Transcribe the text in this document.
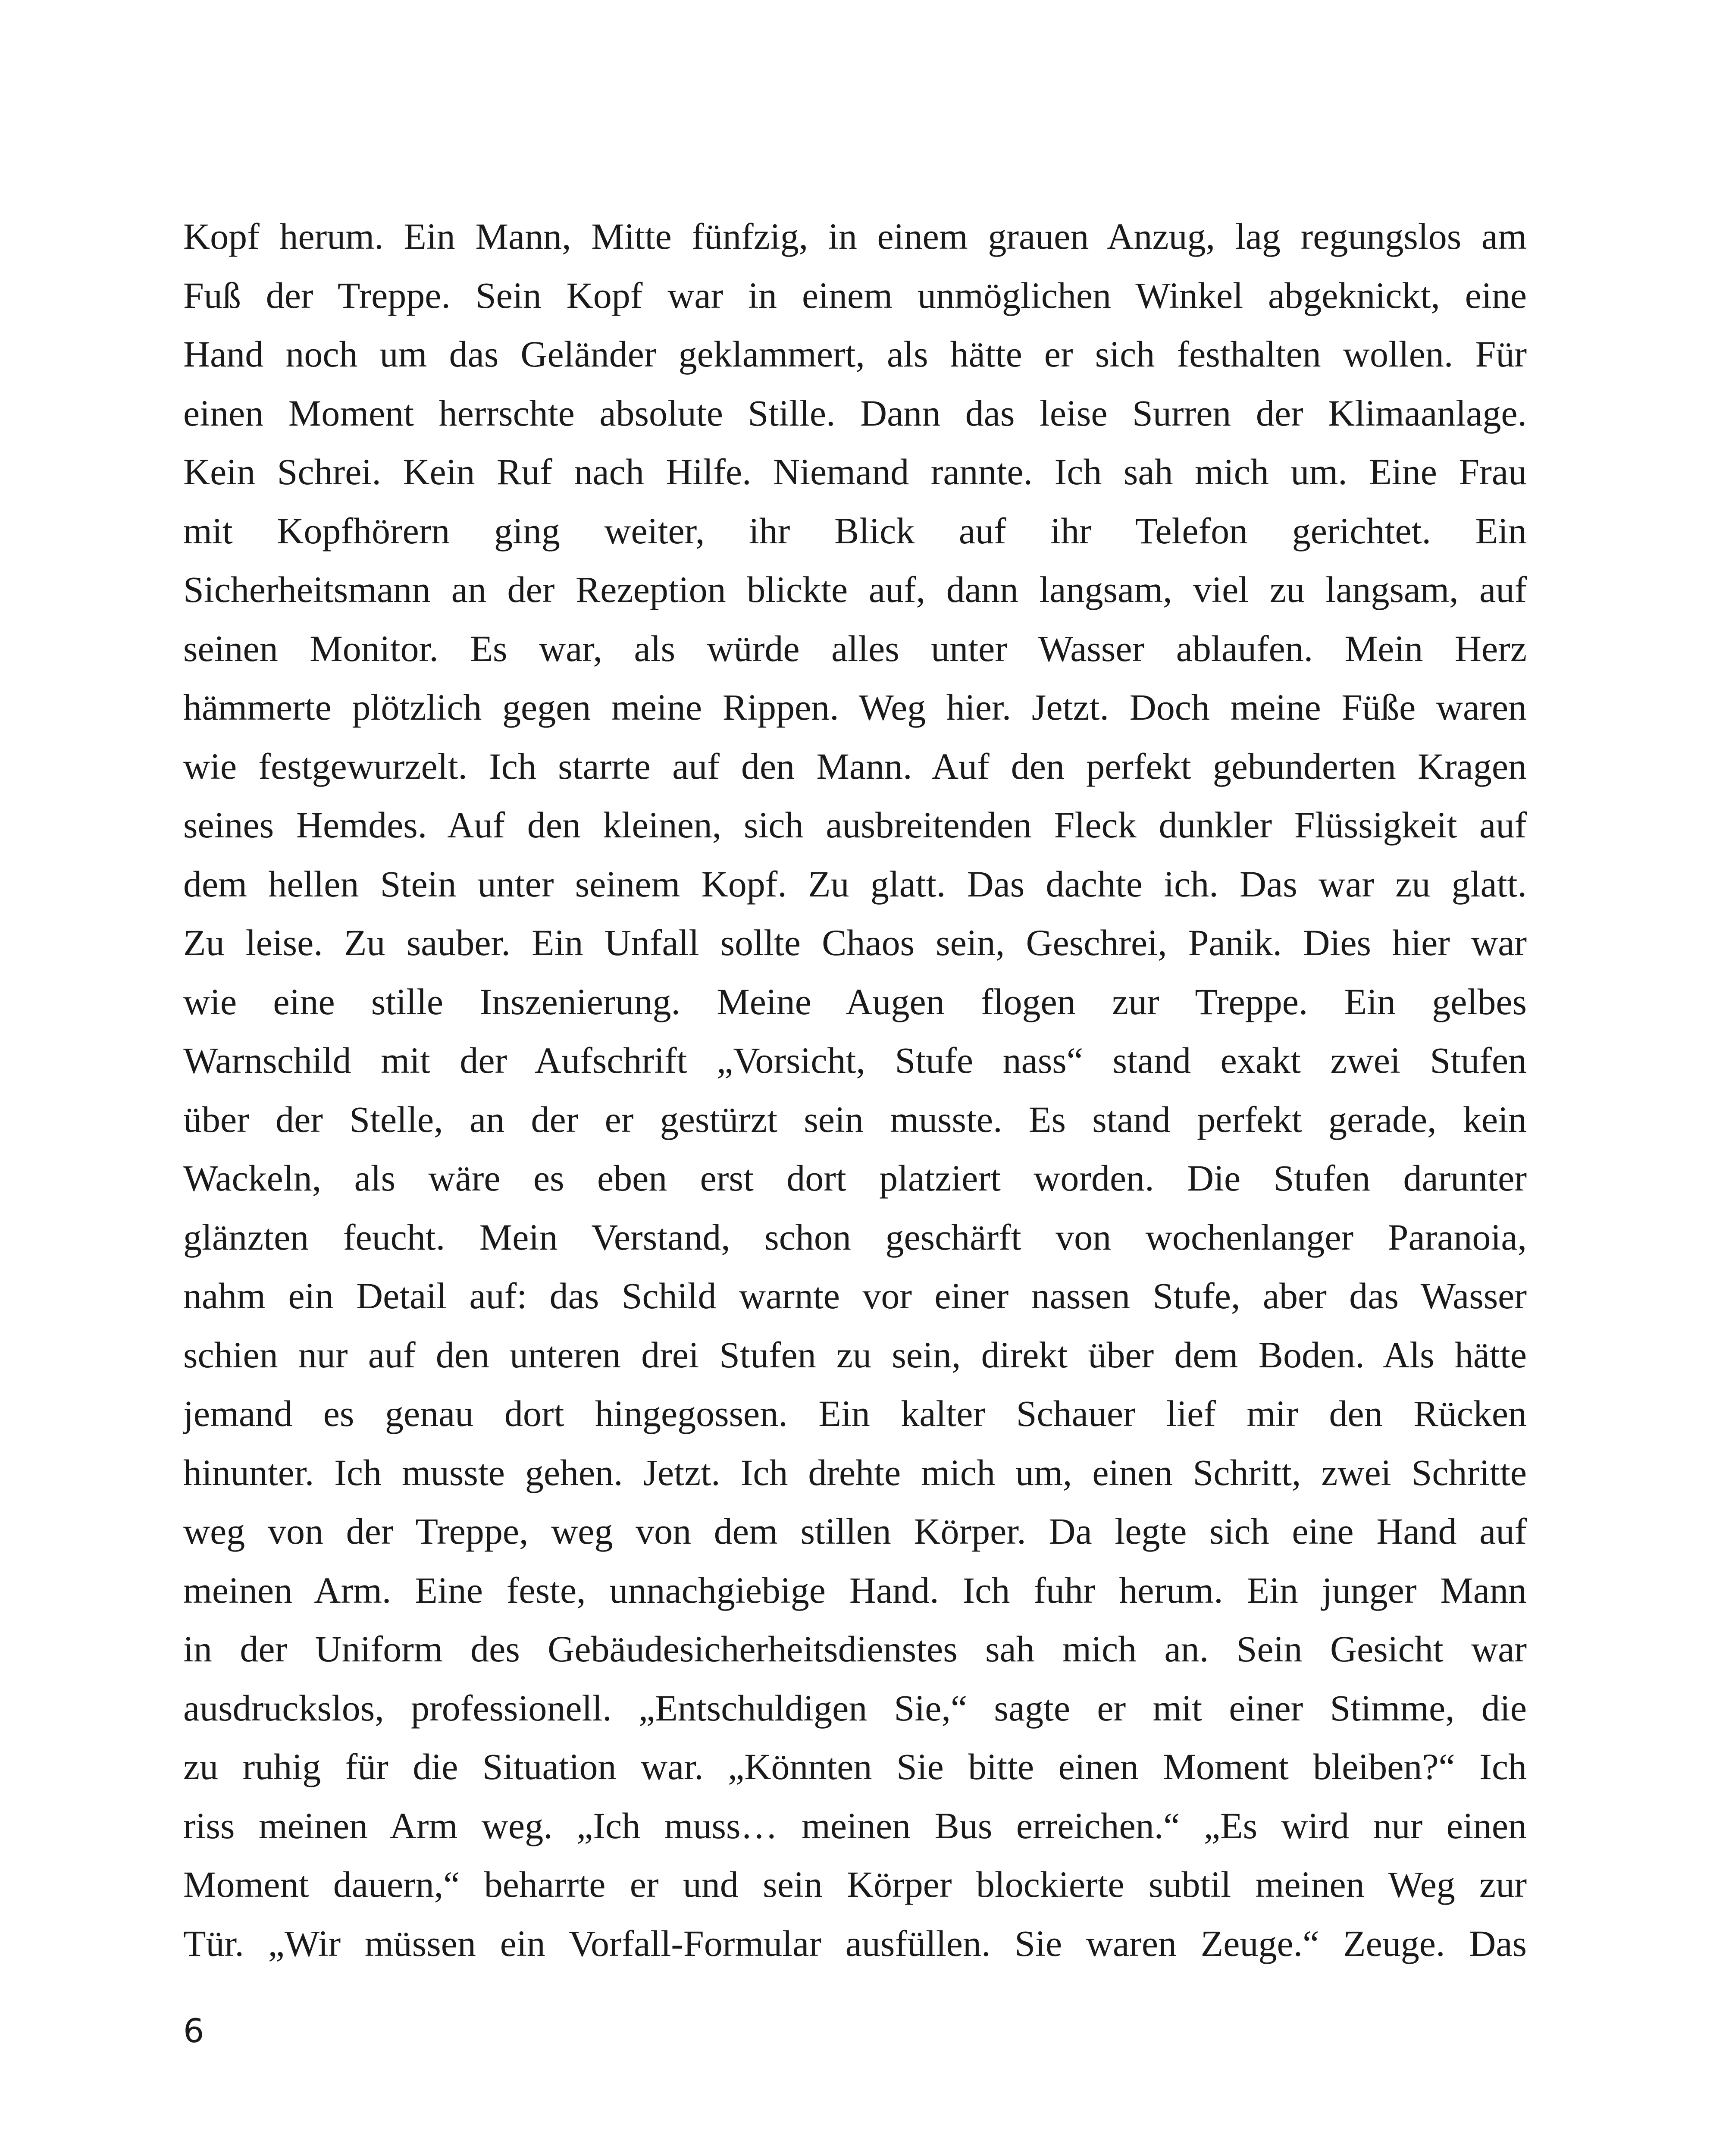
Kopf herum. Ein Mann, Mitte fünfzig, in einem grauen Anzug, lag regungslos am
Fuß der Treppe. Sein Kopf war in einem unmöglichen Winkel abgeknickt, eine
Hand noch um das Geländer geklammert, als hätte er sich festhalten wollen. Für
einen Moment herrschte absolute Stille. Dann das leise Surren der Klimaanlage.
Kein Schrei. Kein Ruf nach Hilfe. Niemand rannte. Ich sah mich um. Eine Frau
mit Kopfhörern ging weiter, ihr Blick auf ihr Telefon gerichtet. Ein
Sicherheitsmann an der Rezeption blickte auf, dann langsam, viel zu langsam, auf
seinen Monitor. Es war, als würde alles unter Wasser ablaufen. Mein Herz
hämmerte plötzlich gegen meine Rippen. Weg hier. Jetzt. Doch meine Füße waren
wie festgewurzelt. Ich starrte auf den Mann. Auf den perfekt gebunderten Kragen
seines Hemdes. Auf den kleinen, sich ausbreitenden Fleck dunkler Flüssigkeit auf
dem hellen Stein unter seinem Kopf. Zu glatt. Das dachte ich. Das war zu glatt.
Zu leise. Zu sauber. Ein Unfall sollte Chaos sein, Geschrei, Panik. Dies hier war
wie eine stille Inszenierung. Meine Augen flogen zur Treppe. Ein gelbes
Warnschild mit der Aufschrift „Vorsicht, Stufe nass“ stand exakt zwei Stufen
über der Stelle, an der er gestürzt sein musste. Es stand perfekt gerade, kein
Wackeln, als wäre es eben erst dort platziert worden. Die Stufen darunter
glänzten feucht. Mein Verstand, schon geschärft von wochenlanger Paranoia,
nahm ein Detail auf: das Schild warnte vor einer nassen Stufe, aber das Wasser
schien nur auf den unteren drei Stufen zu sein, direkt über dem Boden. Als hätte
jemand es genau dort hingegossen. Ein kalter Schauer lief mir den Rücken
hinunter. Ich musste gehen. Jetzt. Ich drehte mich um, einen Schritt, zwei Schritte
weg von der Treppe, weg von dem stillen Körper. Da legte sich eine Hand auf
meinen Arm. Eine feste, unnachgiebige Hand. Ich fuhr herum. Ein junger Mann
in der Uniform des Gebäudesicherheitsdienstes sah mich an. Sein Gesicht war
ausdruckslos, professionell. „Entschuldigen Sie,“ sagte er mit einer Stimme, die
zu ruhig für die Situation war. „Könnten Sie bitte einen Moment bleiben?“ Ich
riss meinen Arm weg. „Ich muss… meinen Bus erreichen.“ „Es wird nur einen
Moment dauern,“ beharrte er und sein Körper blockierte subtil meinen Weg zur
Tür. „Wir müssen ein Vorfall-Formular ausfüllen. Sie waren Zeuge.“ Zeuge. Das
6
